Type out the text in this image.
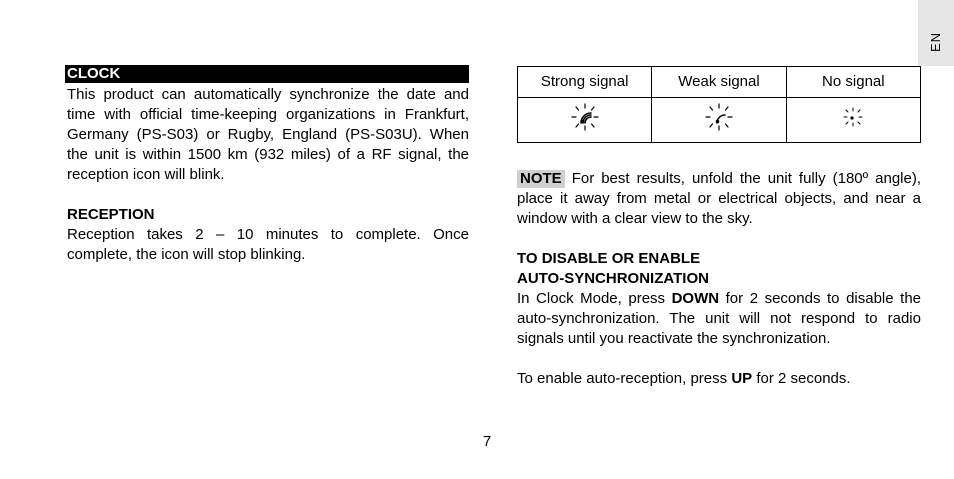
EN
CLOCK

This product can automatically synchronize the date and time with official time-keeping organizations in Frankfurt, Germany (PS-S03) or Rugby, England (PS-S03U). When the unit is within 1500 km (932 miles) of a RF signal, the reception icon will blink.

RECEPTION

Reception takes 2 – 10 minutes to complete. Once complete, the icon will stop blinking.

Strong signal	Weak signal	No signal

NOTE For best results, unfold the unit fully (180º angle), place it away from metal or electrical objects, and near a window with a clear view to the sky.

TO DISABLE OR ENABLE

AUTO-SYNCHRONIZATION

In Clock Mode, press DOWN for 2 seconds to disable the auto-synchronization. The unit will not respond to radio signals until you reactivate the synchronization.

To enable auto-reception, press UP for 2 seconds.

7
